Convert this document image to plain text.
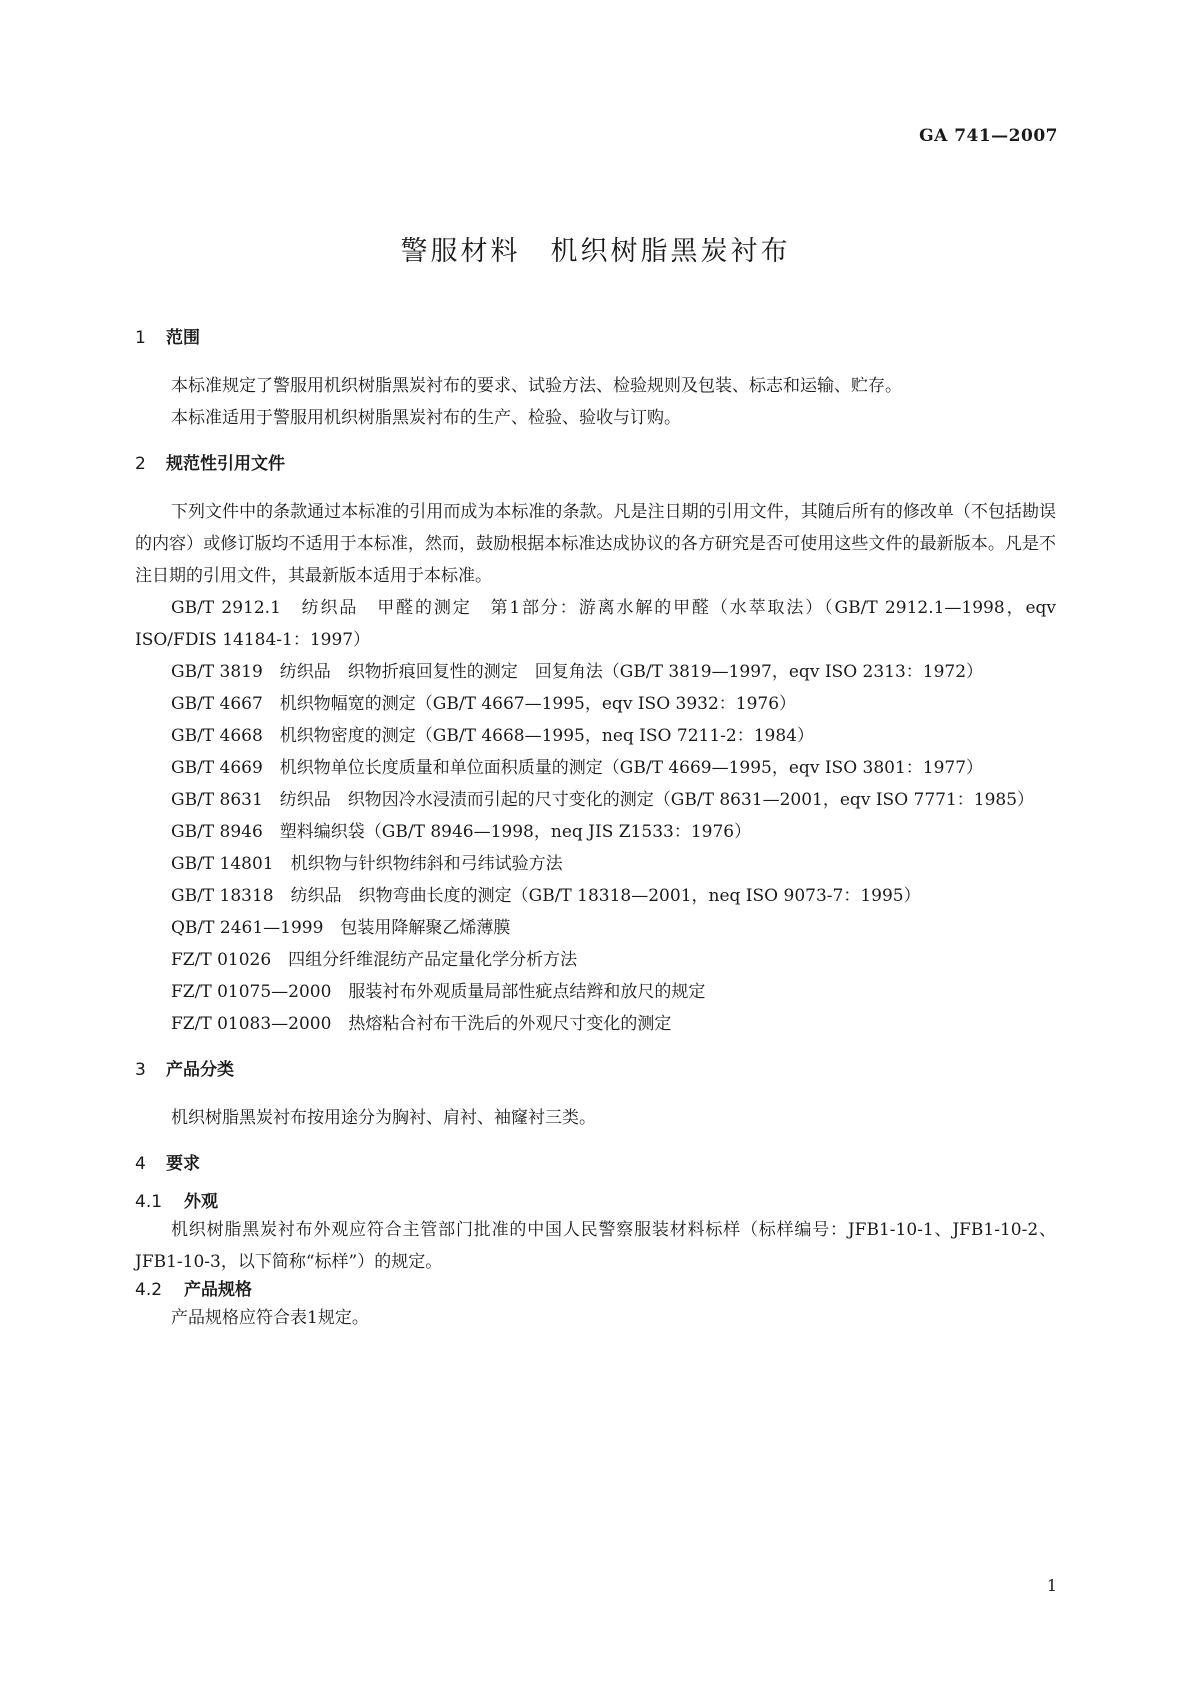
GA 741—2007
警服材料　机织树脂黑炭衬布
1 范围

本标准规定了警服用机织树脂黑炭衬布的要求、试验方法、检验规则及包装、标志和运输、贮存。

本标准适用于警服用机织树脂黑炭衬布的生产、检验、验收与订购。

2 规范性引用文件

下列文件中的条款通过本标准的引用而成为本标准的条款。凡是注日期的引用文件，其随后所有的修改单（不包括勘误的内容）或修订版均不适用于本标准，然而，鼓励根据本标准达成协议的各方研究是否可使用这些文件的最新版本。凡是不注日期的引用文件，其最新版本适用于本标准。

GB/T 2912.1　纺织品　甲醛的测定　第1部分：游离水解的甲醛（水萃取法）（GB/T 2912.1—1998，eqv ISO/FDIS 14184-1：1997）

GB/T 3819　纺织品　织物折痕回复性的测定　回复角法（GB/T 3819—1997，eqv ISO 2313：1972）

GB/T 4667　机织物幅宽的测定（GB/T 4667—1995，eqv ISO 3932：1976）

GB/T 4668　机织物密度的测定（GB/T 4668—1995，neq ISO 7211-2：1984）

GB/T 4669　机织物单位长度质量和单位面积质量的测定（GB/T 4669—1995，eqv ISO 3801：1977）

GB/T 8631　纺织品　织物因冷水浸渍而引起的尺寸变化的测定（GB/T 8631—2001，eqv ISO 7771：1985）

GB/T 8946　塑料编织袋（GB/T 8946—1998，neq JIS Z1533：1976）

GB/T 14801　机织物与针织物纬斜和弓纬试验方法

GB/T 18318　纺织品　织物弯曲长度的测定（GB/T 18318—2001，neq ISO 9073-7：1995）

QB/T 2461—1999　包装用降解聚乙烯薄膜

FZ/T 01026　四组分纤维混纺产品定量化学分析方法

FZ/T 01075—2000　服装衬布外观质量局部性疵点结辫和放尺的规定

FZ/T 01083—2000　热熔粘合衬布干洗后的外观尺寸变化的测定

3 产品分类

机织树脂黑炭衬布按用途分为胸衬、肩衬、袖窿衬三类。

4 要求
4.1 外观

机织树脂黑炭衬布外观应符合主管部门批准的中国人民警察服装材料标样（标样编号：JFB1-10-1、JFB1-10-2、JFB1-10-3，以下简称“标样”）的规定。

4.2 产品规格

产品规格应符合表1规定。

1
